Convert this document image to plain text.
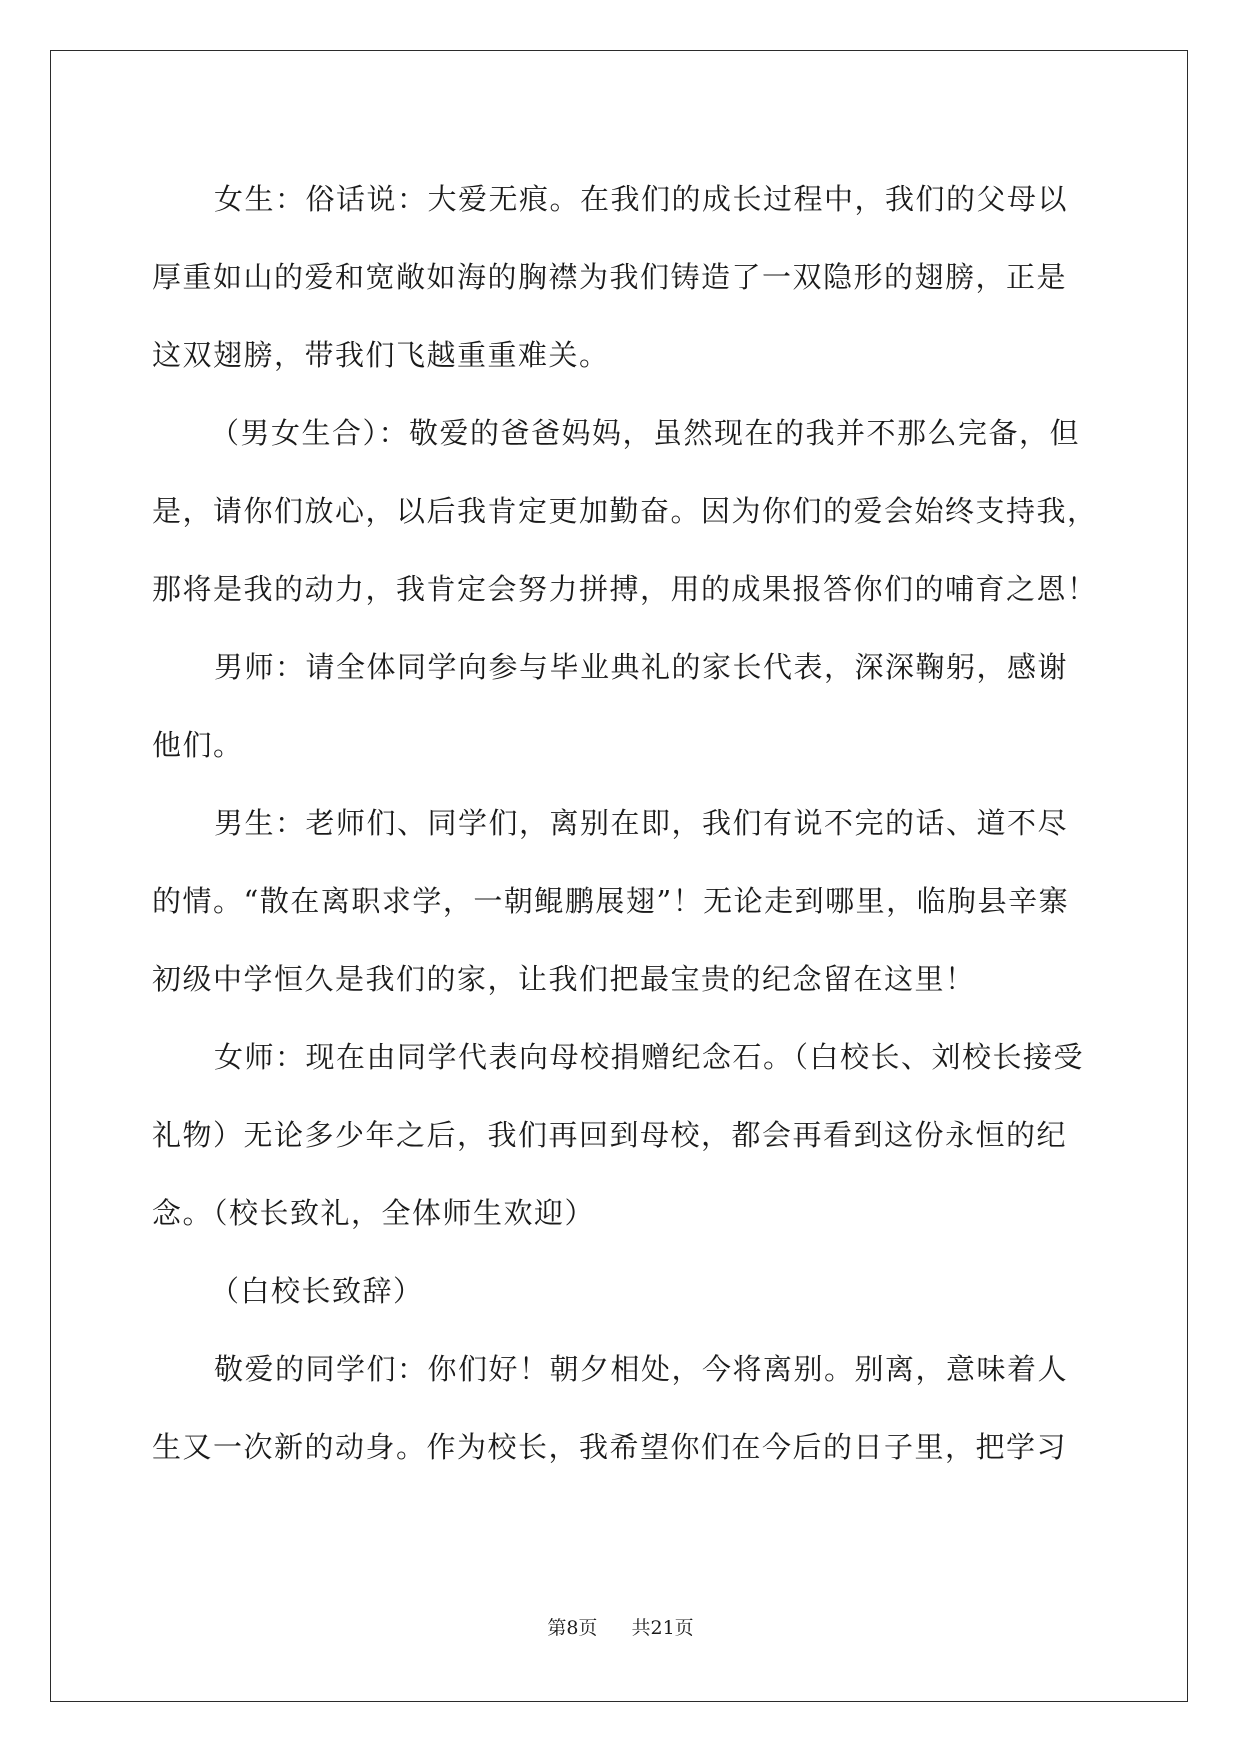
女生：俗话说：大爱无痕。在我们的成长过程中，我们的父母以
厚重如山的爱和宽敞如海的胸襟为我们铸造了一双隐形的翅膀，正是
这双翅膀，带我们飞越重重难关。
（男女生合）：敬爱的爸爸妈妈，虽然现在的我并不那么完备，但
是，请你们放心，以后我肯定更加勤奋。因为你们的爱会始终支持我，
那将是我的动力，我肯定会努力拼搏，用的成果报答你们的哺育之恩！
男师：请全体同学向参与毕业典礼的家长代表，深深鞠躬，感谢
他们。
男生：老师们、同学们，离别在即，我们有说不完的话、道不尽
的情。“散在离职求学，一朝鲲鹏展翅”！无论走到哪里，临朐县辛寨
初级中学恒久是我们的家，让我们把最宝贵的纪念留在这里！
女师：现在由同学代表向母校捐赠纪念石。（白校长、刘校长接受
礼物）无论多少年之后，我们再回到母校，都会再看到这份永恒的纪
念。（校长致礼，全体师生欢迎）
（白校长致辞）
敬爱的同学们：你们好！朝夕相处，今将离别。别离，意味着人
生又一次新的动身。作为校长，我希望你们在今后的日子里，把学习
第8页 共21页
